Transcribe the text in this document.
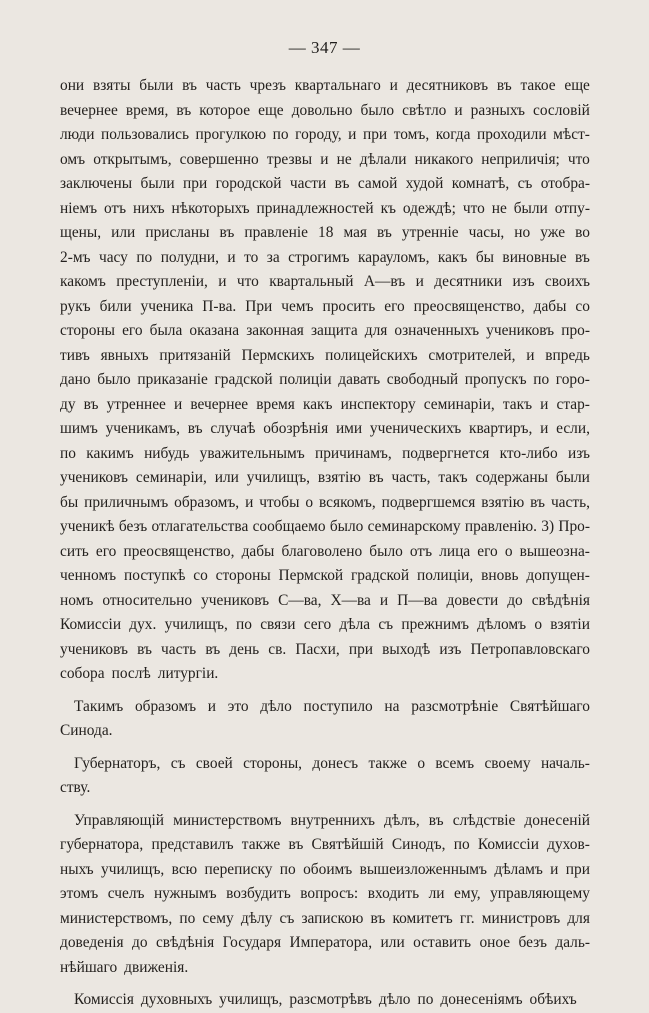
— 347 —
они взяты были въ часть чрезъ квартальнаго и десятниковъ въ такое еще
вечернее время, въ которое еще довольно было свѣтло и разныхъ сословій
люди пользовались прогулкою по городу, и при томъ, когда проходили мѣст-
омъ открытымъ, совершенно трезвы и не дѣлали никакого неприличія; что
заключены были при городской части въ самой худой комнатѣ, съ отобра-
ніемъ отъ нихъ нѣкоторыхъ принадлежностей къ одеждѣ; что не были отпу-
щены, или присланы въ правленіе 18 мая въ утреннiе часы, но уже во
2-мъ часу по полудни, и то за строгимъ карауломъ, какъ бы виновные въ
какомъ преступленіи, и что квартальный А—въ и десятники изъ своихъ
рукъ били ученика П-ва. При чемъ просить его преосвященство, дабы со
стороны его была оказана законная защита для означенныхъ учениковъ про-
тивъ явныхъ притязаній Пермскихъ полицейскихъ смотрителей, и впредь
дано было приказаніе градской полиціи давать свободный пропускъ по горо-
ду въ утреннее и вечернее время какъ инспектору семинаріи, такъ и стар-
шимъ ученикамъ, въ случаѣ обозрѣнія ими ученическихъ квартиръ, и если,
по какимъ нибудь уважительнымъ причинамъ, подвергнется кто-либо изъ
учениковъ семинаріи, или училищъ, взятію въ часть, такъ содержаны были
бы приличнымъ образомъ, и чтобы о всякомъ, подвергшемся взятію въ часть,
ученикѣ безъ отлагательства сообщаемо было семинарскому правленію. 3) Про-
сить его преосвященство, дабы благоволено было отъ лица его о вышеозна-
ченномъ поступкѣ со стороны Пермской градской полиціи, вновь допущен-
номъ относительно учениковъ С—ва, Х—ва и П—ва довести до свѣдѣнія
Комиссіи дух. училищъ, по связи сего дѣла съ прежнимъ дѣломъ о взятіи
учениковъ въ часть въ день св. Пасхи, при выходѣ изъ Петропавловскаго
собора послѣ литургіи.
Такимъ образомъ и это дѣло поступило на разсмотрѣніе Святѣйшаго
Синода.
Губернаторъ, съ своей стороны, донесъ также о всемъ своему началь-
ству.
Управляющій министерствомъ внутреннихъ дѣлъ, въ слѣдствіе донесеній
губернатора, представилъ также въ Святѣйшій Синодъ, по Комиссіи духов-
ныхъ училищъ, всю переписку по обоимъ вышеизложеннымъ дѣламъ и при
этомъ счелъ нужнымъ возбудить вопросъ: входить ли ему, управляющему
министерствомъ, по сему дѣлу съ запискою въ комитетъ гг. министровъ для
доведенія до свѣдѣнія Государя Императора, или оставить оное безъ даль-
нѣйшаго движенія.
Комиссія духовныхъ училищъ, разсмотрѣвъ дѣло по донесеніямъ обѣихъ
